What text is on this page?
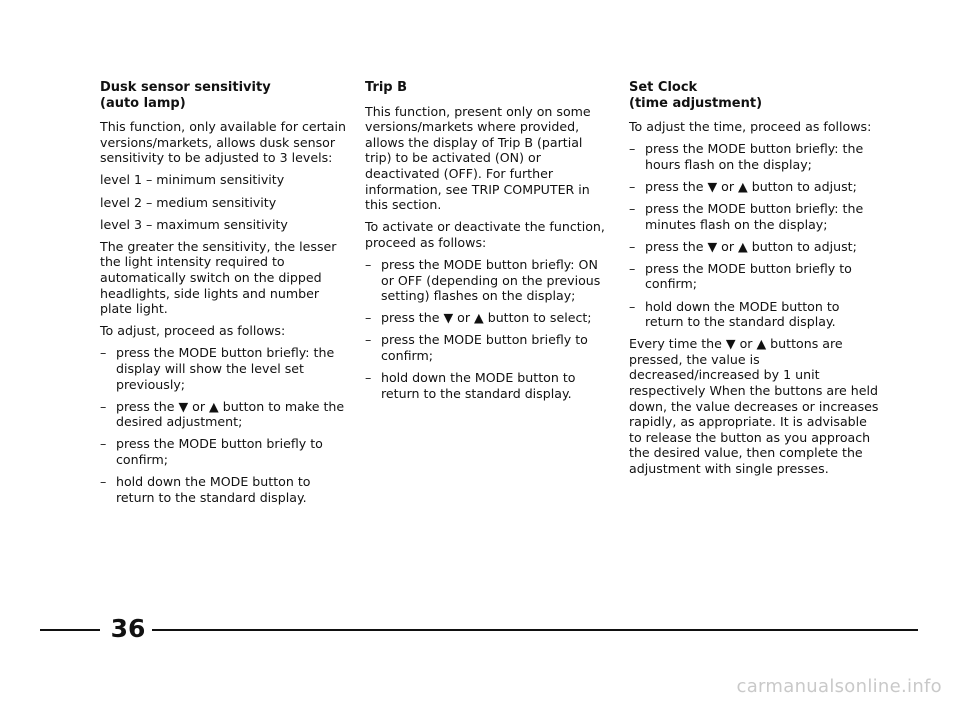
Dusk sensor sensitivity
(auto lamp)
This function, only available for certain versions/markets, allows dusk sensor sensitivity to be adjusted to 3 levels:
level 1 – minimum sensitivity
level 2 – medium sensitivity
level 3 – maximum sensitivity
The greater the sensitivity, the lesser the light intensity required to automatically switch on the dipped headlights, side lights and number plate light.
To adjust, proceed as follows:
– press the MODE button briefly: the display will show the level set previously;
– press the ▼ or ▲ button to make the desired adjustment;
– press the MODE button briefly to confirm;
– hold down the MODE button to return to the standard display.
Trip B
This function, present only on some versions/markets where provided, allows the display of Trip B (partial trip) to be activated (ON) or deactivated (OFF). For further information, see TRIP COMPUTER in this section.
To activate or deactivate the function, proceed as follows:
– press the MODE button briefly: ON or OFF (depending on the previous setting) flashes on the display;
– press the ▼ or ▲ button to select;
– press the MODE button briefly to confirm;
– hold down the MODE button to return to the standard display.
Set Clock
(time adjustment)
To adjust the time, proceed as follows:
– press the MODE button briefly: the hours flash on the display;
– press the ▼ or ▲ button to adjust;
– press the MODE button briefly: the minutes flash on the display;
– press the ▼ or ▲ button to adjust;
– press the MODE button briefly to confirm;
– hold down the MODE button to return to the standard display.
Every time the ▼ or ▲ buttons are pressed, the value is decreased/increased by 1 unit respectively When the buttons are held down, the value decreases or increases rapidly, as appropriate. It is advisable to release the button as you approach the desired value, then complete the adjustment with single presses.
36
carmanualsonline.info
